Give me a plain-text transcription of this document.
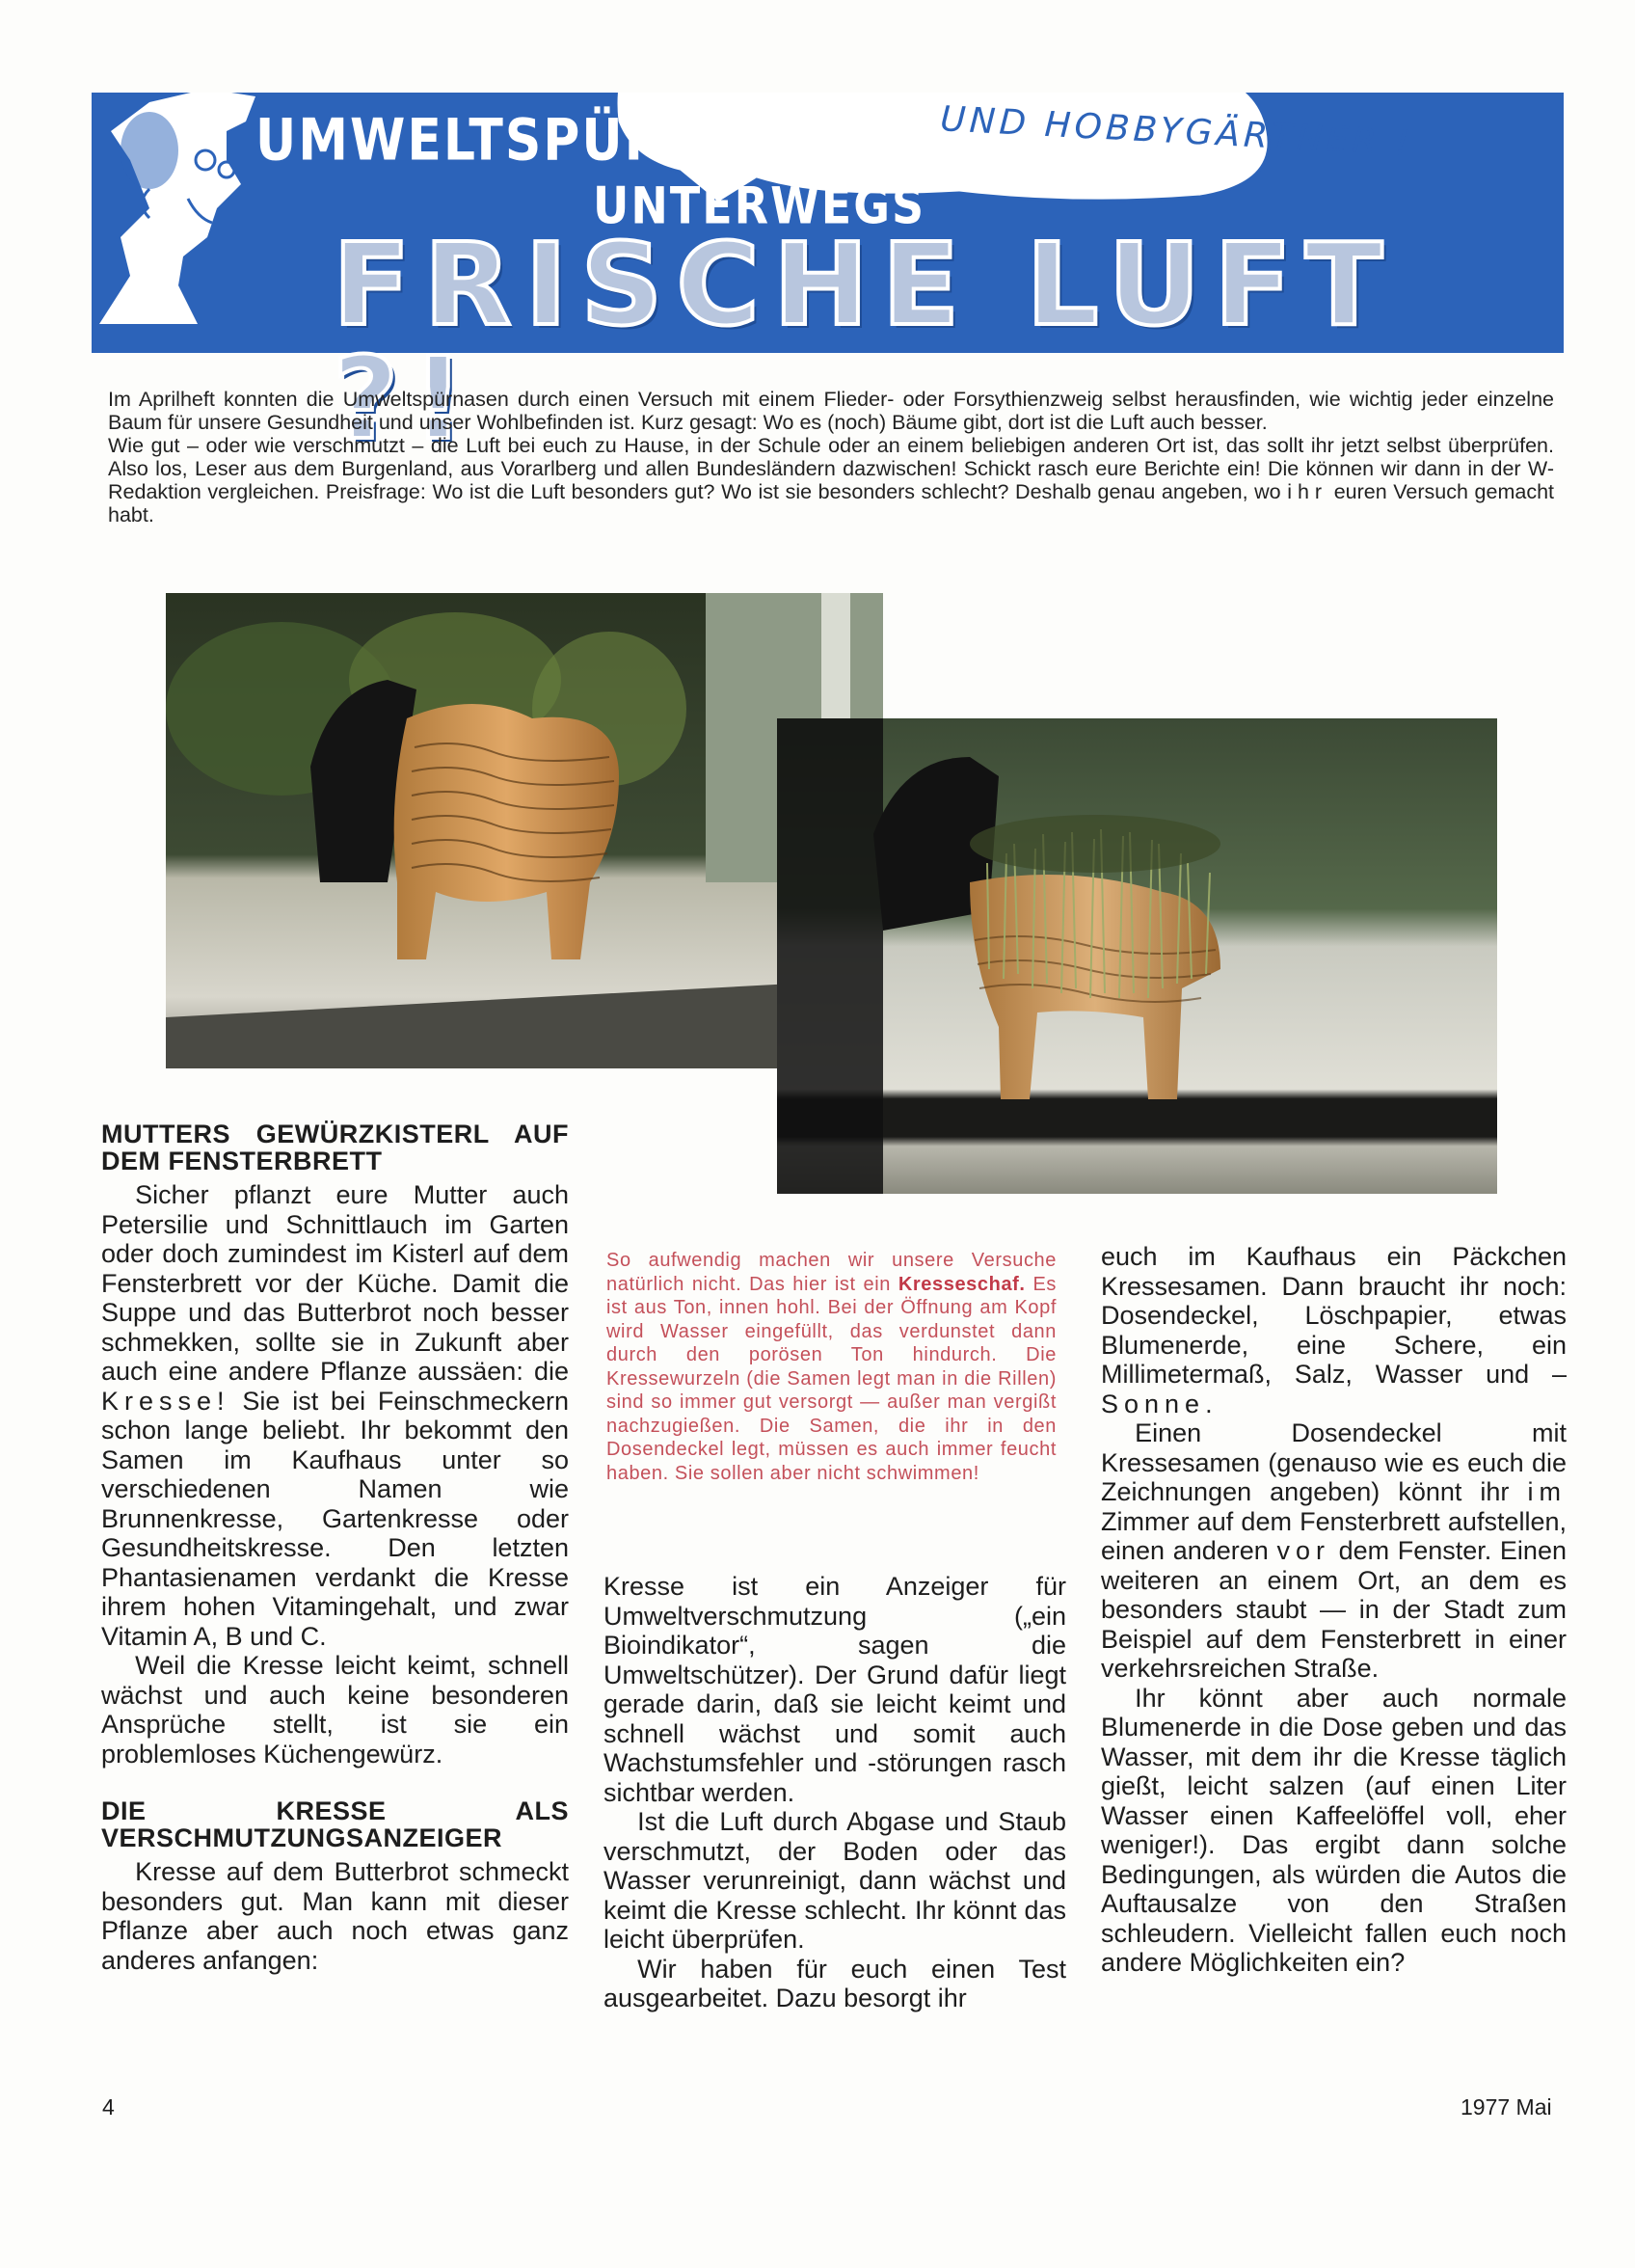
UMWELTSPÜRNASEN
UNTERWEGS
UND HOBBYGÄRTNER !
FRISCHE LUFT ?!

Im Aprilheft konnten die Umweltspürnasen durch einen Versuch mit einem Flieder- oder Forsythienzweig selbst herausfinden, wie wichtig jeder einzelne Baum für unsere Gesundheit und unser Wohlbefinden ist. Kurz gesagt: Wo es (noch) Bäume gibt, dort ist die Luft auch besser.

Wie gut – oder wie verschmutzt – die Luft bei euch zu Hause, in der Schule oder an einem beliebigen anderen Ort ist, das sollt ihr jetzt selbst überprüfen. Also los, Leser aus dem Burgenland, aus Vorarlberg und allen Bundesländern dazwischen! Schickt rasch eure Berichte ein! Die können wir dann in der W-Redaktion vergleichen. Preisfrage: Wo ist die Luft besonders gut? Wo ist sie besonders schlecht? Deshalb genau angeben, wo ihr euren Versuch gemacht habt.

MUTTERS GEWÜRZKISTERL AUF DEM FENSTERBRETT

Sicher pflanzt eure Mutter auch Petersilie und Schnittlauch im Garten oder doch zumindest im Kisterl auf dem Fensterbrett vor der Küche. Damit die Suppe und das Butterbrot noch besser schmekken, sollte sie in Zukunft aber auch eine andere Pflanze aussäen: die Kresse! Sie ist bei Feinschmeckern schon lange beliebt. Ihr bekommt den Samen im Kaufhaus unter so verschiedenen Namen wie Brunnenkresse, Gartenkresse oder Gesundheitskresse. Den letzten Phantasienamen verdankt die Kresse ihrem hohen Vitamingehalt, und zwar Vitamin A, B und C.

Weil die Kresse leicht keimt, schnell wächst und auch keine besonderen Ansprüche stellt, ist sie ein problemloses Küchengewürz.

DIE KRESSE ALS VERSCHMUTZUNGSANZEIGER

Kresse auf dem Butterbrot schmeckt besonders gut. Man kann mit dieser Pflanze aber auch noch etwas ganz anderes anfangen:

So aufwendig machen wir unsere Versuche natürlich nicht. Das hier ist ein Kresseschaf. Es ist aus Ton, innen hohl. Bei der Öffnung am Kopf wird Wasser eingefüllt, das verdunstet dann durch den porösen Ton hindurch. Die Kressewurzeln (die Samen legt man in die Rillen) sind so immer gut versorgt — außer man vergißt nachzugießen. Die Samen, die ihr in den Dosendeckel legt, müssen es auch immer feucht haben. Sie sollen aber nicht schwimmen!

Kresse ist ein Anzeiger für Umweltverschmutzung („ein Bioindikator“, sagen die Umweltschützer). Der Grund dafür liegt gerade darin, daß sie leicht keimt und schnell wächst und somit auch Wachstumsfehler und -störungen rasch sichtbar werden.

Ist die Luft durch Abgase und Staub verschmutzt, der Boden oder das Wasser verunreinigt, dann wächst und keimt die Kresse schlecht. Ihr könnt das leicht überprüfen.

Wir haben für euch einen Test ausgearbeitet. Dazu besorgt ihr

euch im Kaufhaus ein Päckchen Kressesamen. Dann braucht ihr noch: Dosendeckel, Löschpapier, etwas Blumenerde, eine Schere, ein Millimetermaß, Salz, Wasser und – Sonne.

Einen Dosendeckel mit Kressesamen (genauso wie es euch die Zeichnungen angeben) könnt ihr im Zimmer auf dem Fensterbrett aufstellen, einen anderen vor dem Fenster. Einen weiteren an einem Ort, an dem es besonders staubt — in der Stadt zum Beispiel auf dem Fensterbrett in einer verkehrsreichen Straße.

Ihr könnt aber auch normale Blumenerde in die Dose geben und das Wasser, mit dem ihr die Kresse täglich gießt, leicht salzen (auf einen Liter Wasser einen Kaffeelöffel voll, eher weniger!). Das ergibt dann solche Bedingungen, als würden die Autos die Auftausalze von den Straßen schleudern. Vielleicht fallen euch noch andere Möglichkeiten ein?

4	1977 Mai
